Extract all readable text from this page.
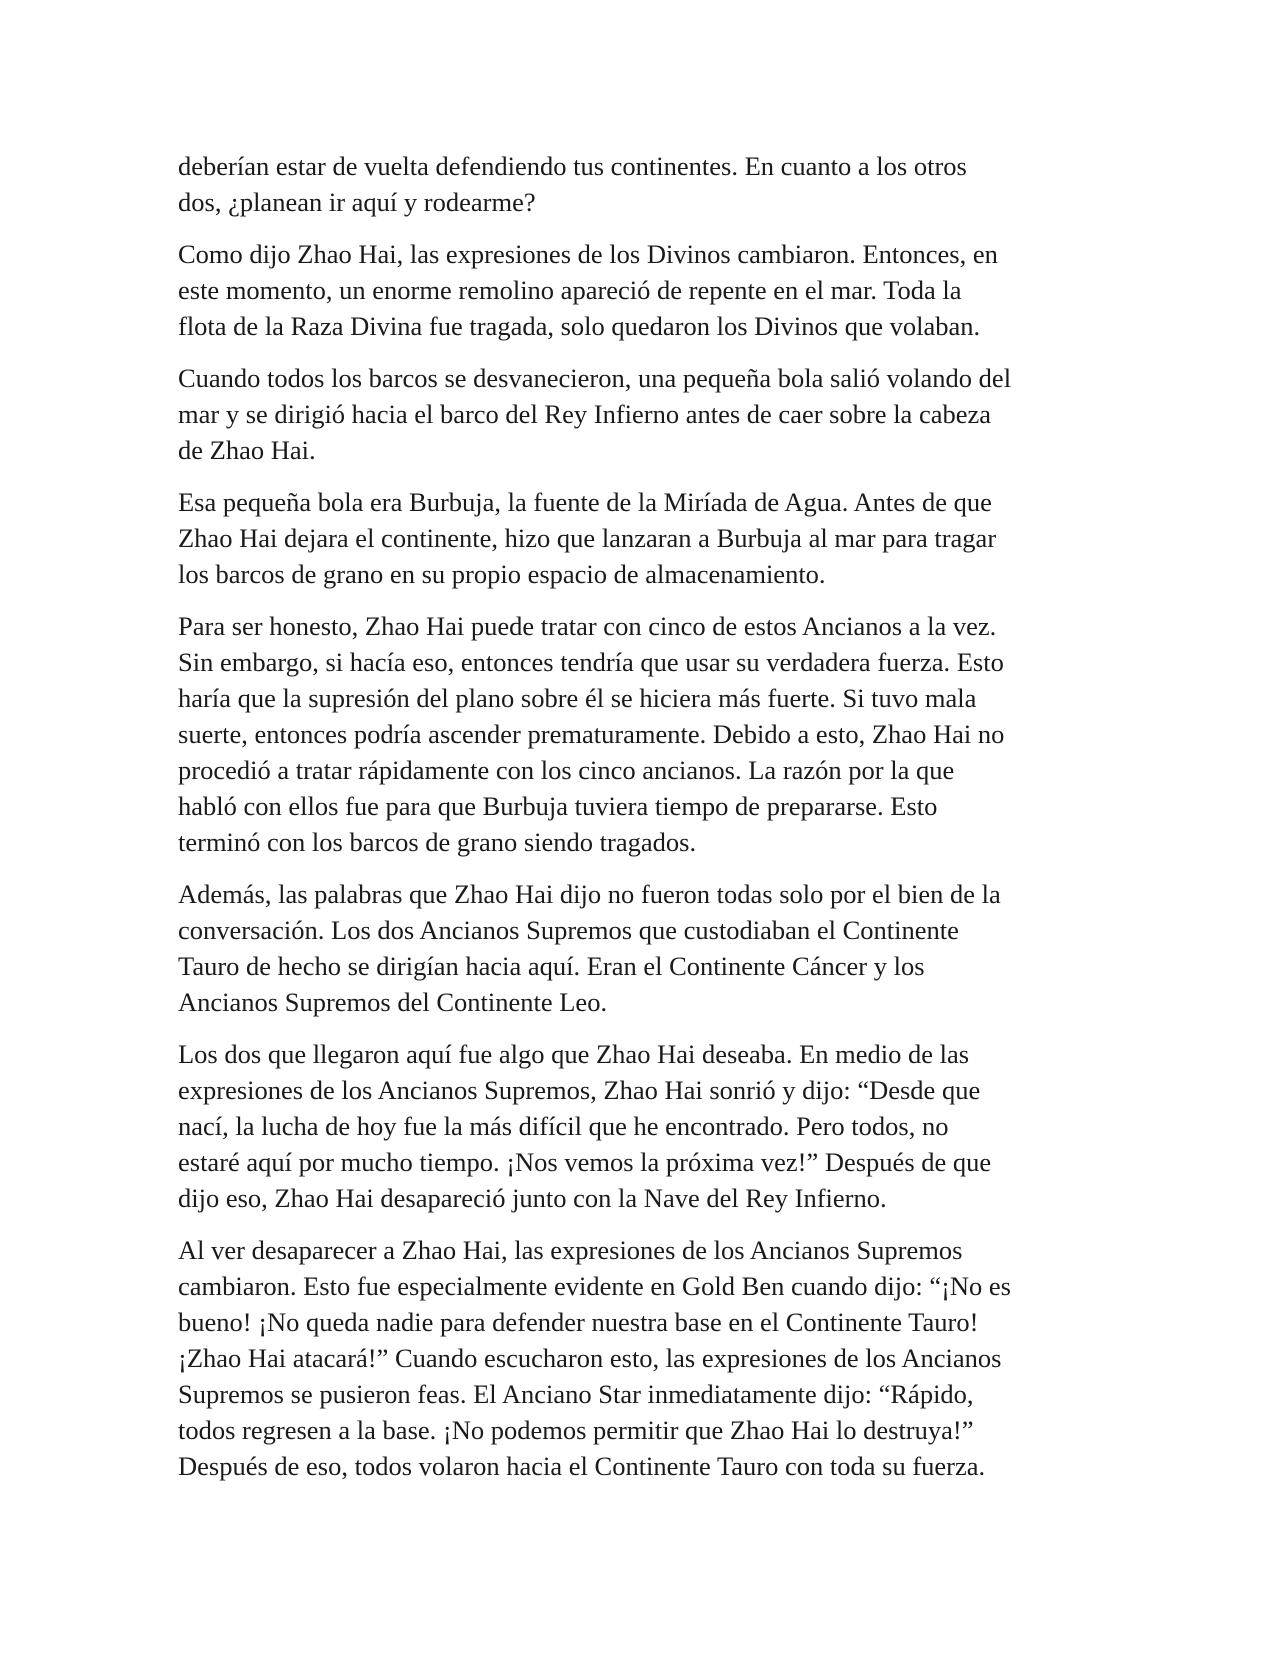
deberían estar de vuelta defendiendo tus continentes. En cuanto a los otros
dos, ¿planean ir aquí y rodearme?

Como dijo Zhao Hai, las expresiones de los Divinos cambiaron. Entonces, en
este momento, un enorme remolino apareció de repente en el mar. Toda la
flota de la Raza Divina fue tragada, solo quedaron los Divinos que volaban.

Cuando todos los barcos se desvanecieron, una pequeña bola salió volando del
mar y se dirigió hacia el barco del Rey Infierno antes de caer sobre la cabeza
de Zhao Hai.

Esa pequeña bola era Burbuja, la fuente de la Miríada de Agua. Antes de que
Zhao Hai dejara el continente, hizo que lanzaran a Burbuja al mar para tragar
los barcos de grano en su propio espacio de almacenamiento.

Para ser honesto, Zhao Hai puede tratar con cinco de estos Ancianos a la vez.
Sin embargo, si hacía eso, entonces tendría que usar su verdadera fuerza. Esto
haría que la supresión del plano sobre él se hiciera más fuerte. Si tuvo mala
suerte, entonces podría ascender prematuramente. Debido a esto, Zhao Hai no
procedió a tratar rápidamente con los cinco ancianos. La razón por la que
habló con ellos fue para que Burbuja tuviera tiempo de prepararse. Esto
terminó con los barcos de grano siendo tragados.

Además, las palabras que Zhao Hai dijo no fueron todas solo por el bien de la
conversación. Los dos Ancianos Supremos que custodiaban el Continente
Tauro de hecho se dirigían hacia aquí. Eran el Continente Cáncer y los
Ancianos Supremos del Continente Leo.

Los dos que llegaron aquí fue algo que Zhao Hai deseaba. En medio de las
expresiones de los Ancianos Supremos, Zhao Hai sonrió y dijo: “Desde que
nací, la lucha de hoy fue la más difícil que he encontrado. Pero todos, no
estaré aquí por mucho tiempo. ¡Nos vemos la próxima vez!” Después de que
dijo eso, Zhao Hai desapareció junto con la Nave del Rey Infierno.

Al ver desaparecer a Zhao Hai, las expresiones de los Ancianos Supremos
cambiaron. Esto fue especialmente evidente en Gold Ben cuando dijo: “¡No es
bueno! ¡No queda nadie para defender nuestra base en el Continente Tauro!
¡Zhao Hai atacará!” Cuando escucharon esto, las expresiones de los Ancianos
Supremos se pusieron feas. El Anciano Star inmediatamente dijo: “Rápido,
todos regresen a la base. ¡No podemos permitir que Zhao Hai lo destruya!”
Después de eso, todos volaron hacia el Continente Tauro con toda su fuerza.
